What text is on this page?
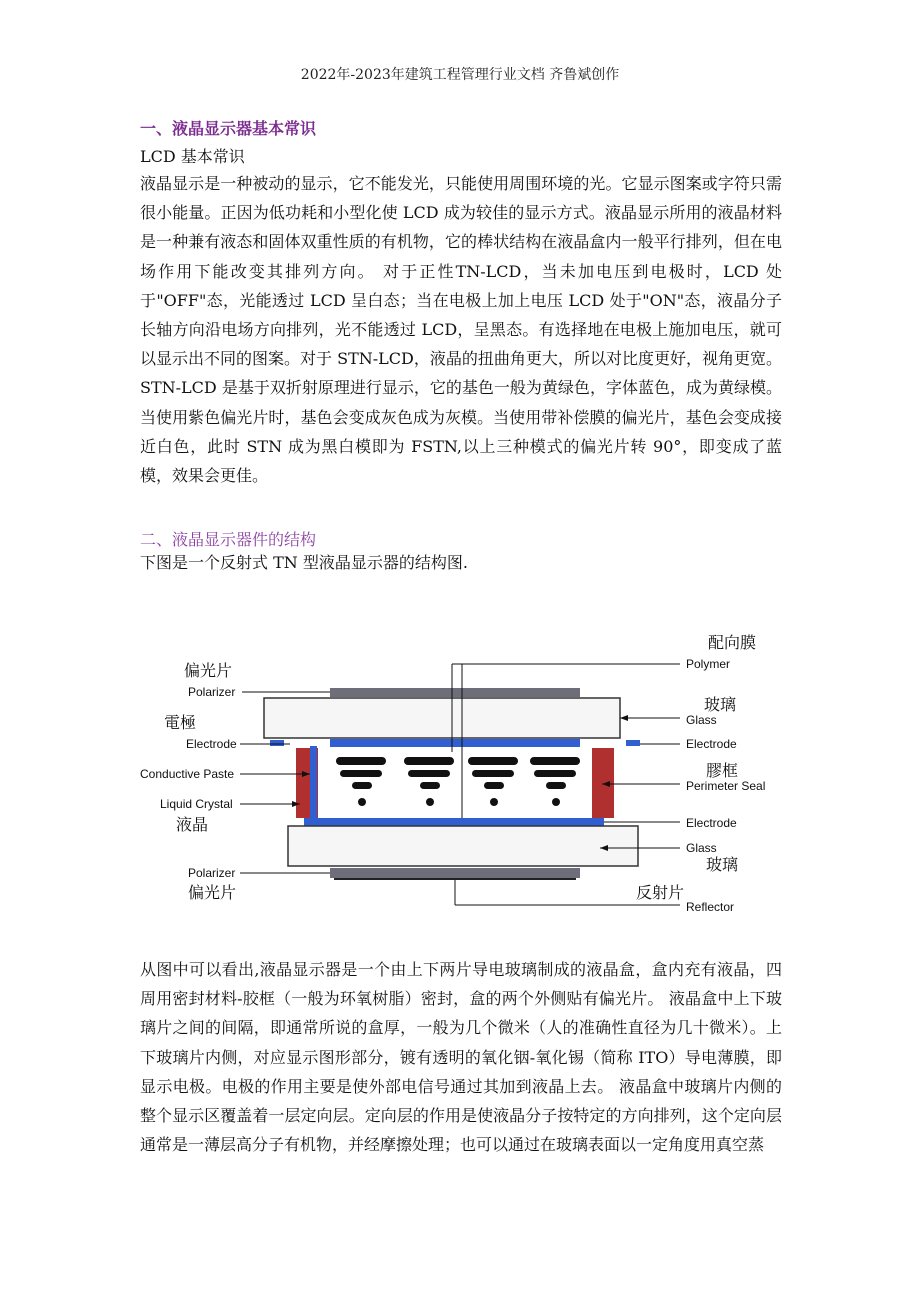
2022年-2023年建筑工程管理行业文档 齐鲁斌创作
一、液晶显示器基本常识
LCD 基本常识

液晶显示是一种被动的显示，它不能发光，只能使用周围环境的光。它显示图案或字符只需很小能量。正因为低功耗和小型化使 LCD 成为较佳的显示方式。液晶显示所用的液晶材料是一种兼有液态和固体双重性质的有机物，它的棒状结构在液晶盒内一般平行排列，但在电场作用下能改变其排列方向。 对于正性TN-LCD，当未加电压到电极时，LCD 处于"OFF"态，光能透过 LCD 呈白态；当在电极上加上电压 LCD 处于"ON"态，液晶分子长轴方向沿电场方向排列，光不能透过 LCD，呈黑态。有选择地在电极上施加电压，就可以显示出不同的图案。对于 STN-LCD，液晶的扭曲角更大，所以对比度更好，视角更宽。STN-LCD 是基于双折射原理进行显示，它的基色一般为黄绿色，字体蓝色，成为黄绿模。当使用紫色偏光片时，基色会变成灰色成为灰模。当使用带补偿膜的偏光片，基色会变成接近白色，此时 STN 成为黑白模即为 FSTN,以上三种模式的偏光片转 90°，即变成了蓝模，效果会更佳。

二、液晶显示器件的结构
下图是一个反射式 TN 型液晶显示器的结构图.
配向膜
Polymer
偏光片
Polarizer
玻璃
Glass
電極
Electrode	Electrode
Conductive Paste	膠框
Perimeter Seal
Liquid Crystal
液晶	Electrode
Glass
玻璃
Polarizer
偏光片	反射片
Reflector

从图中可以看出,液晶显示器是一个由上下两片导电玻璃制成的液晶盒，盒内充有液晶，四周用密封材料-胶框（一般为环氧树脂）密封，盒的两个外侧贴有偏光片。 液晶盒中上下玻璃片之间的间隔，即通常所说的盒厚，一般为几个微米（人的准确性直径为几十微米）。上下玻璃片内侧，对应显示图形部分，镀有透明的氧化铟-氧化锡（简称 ITO）导电薄膜，即显示电极。电极的作用主要是使外部电信号通过其加到液晶上去。 液晶盒中玻璃片内侧的整个显示区覆盖着一层定向层。定向层的作用是使液晶分子按特定的方向排列，这个定向层通常是一薄层高分子有机物，并经摩擦处理；也可以通过在玻璃表面以一定角度用真空蒸
